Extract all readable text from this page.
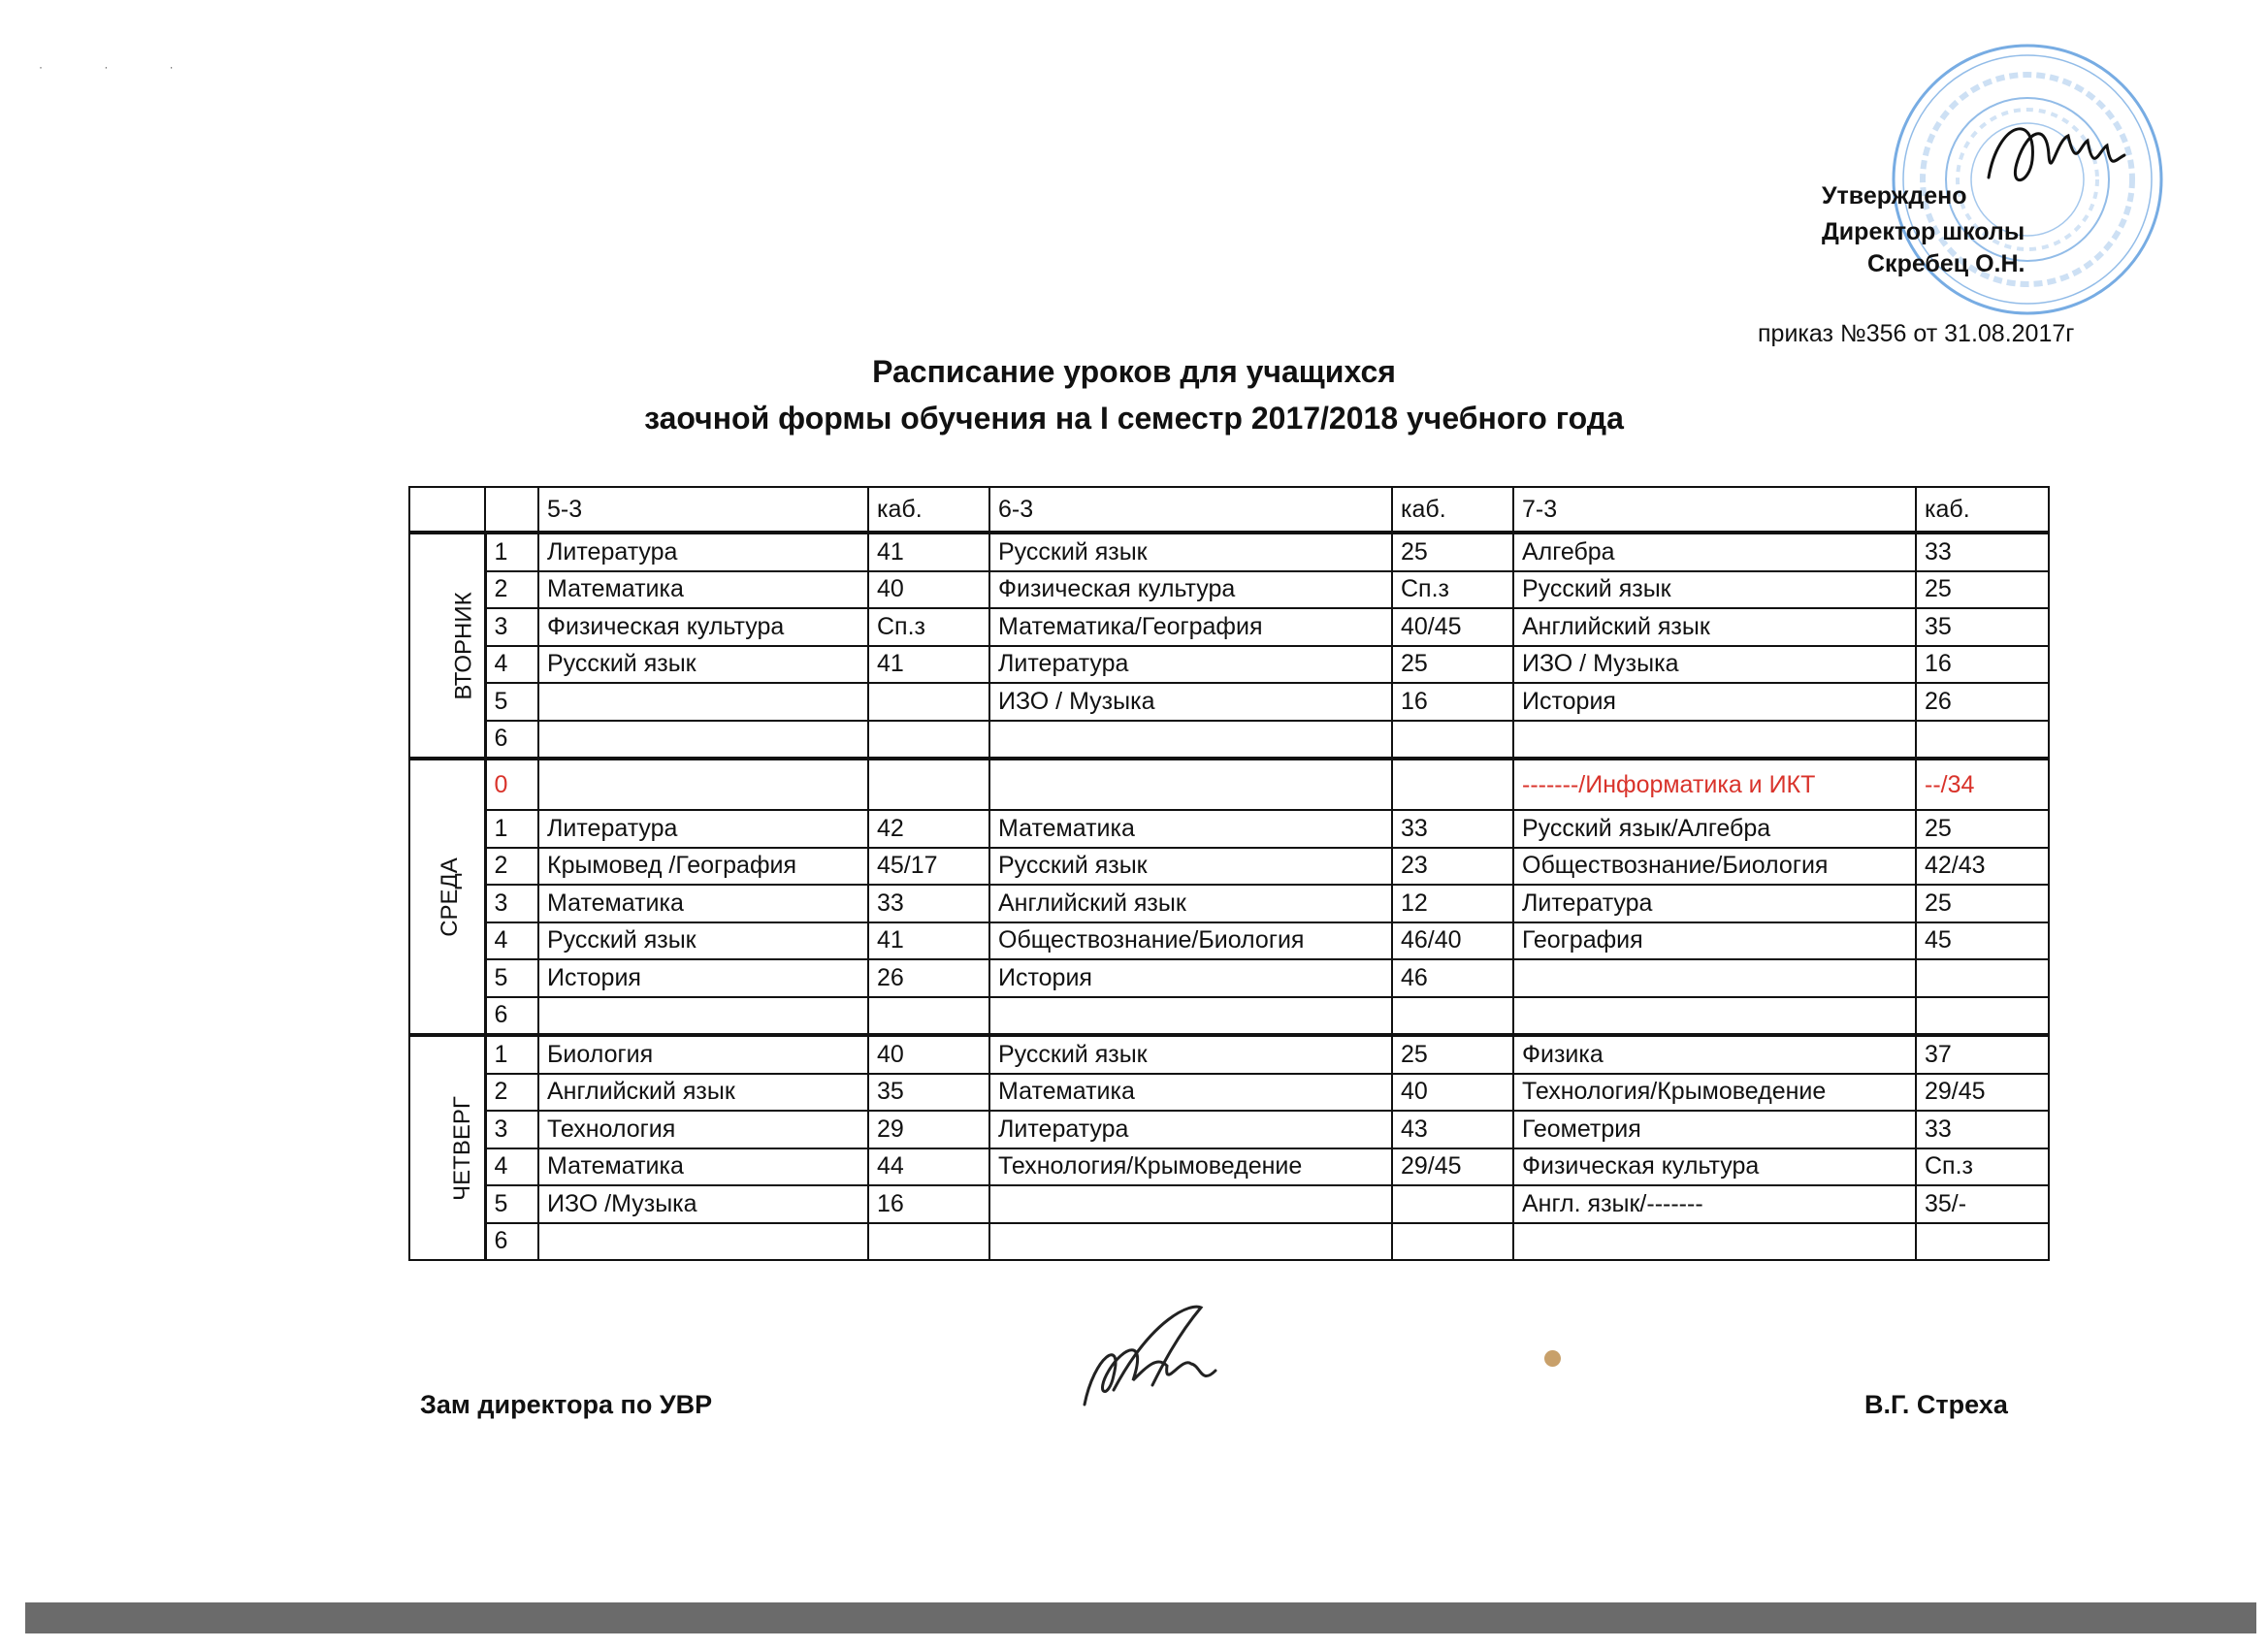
· · ·
Утверждено
Директор школы
Скребец О.Н.
приказ №356 от 31.08.2017г
Расписание уроков для учащихся
заочной формы обучения на I семестр 2017/2018 учебного года
		5-3	каб.	6-3	каб.	7-3	каб.
ВТОРНИК	1	Литература	41	Русский язык	25	Алгебра	33
	2	Математика	40	Физическая культура	Сп.з	Русский язык	25
	3	Физическая культура	Сп.з	Математика/География	40/45	Английский язык	35
	4	Русский язык	41	Литература	25	ИЗО / Музыка	16
	5			ИЗО / Музыка	16	История	26
	6						
СРЕДА	0					-------/Информатика и ИКТ	--/34
	1	Литература	42	Математика	33	Русский язык/Алгебра	25
	2	Крымовед /География	45/17	Русский язык	23	Обществознание/Биология	42/43
	3	Математика	33	Английский язык	12	Литература	25
	4	Русский язык	41	Обществознание/Биология	46/40	География	45
	5	История	26	История	46		
	6						
ЧЕТВЕРГ	1	Биология	40	Русский язык	25	Физика	37
	2	Английский язык	35	Математика	40	Технология/Крымоведение	29/45
	3	Технология	29	Литература	43	Геометрия	33
	4	Математика	44	Технология/Крымоведение	29/45	Физическая культура	Сп.з
	5	ИЗО /Музыка	16			Англ. язык/-------	35/-
	6						
Зам директора по УВР	В.Г. Стреха
